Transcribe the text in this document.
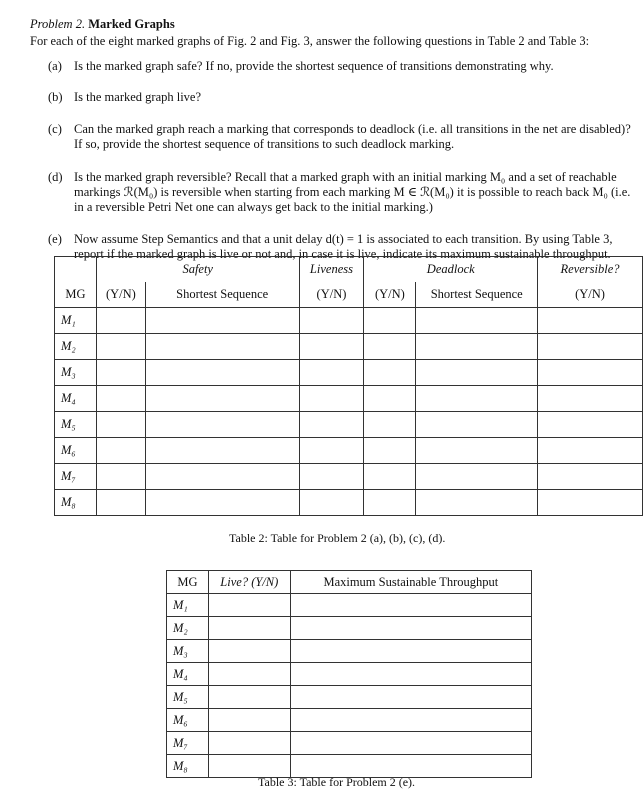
Problem 2. Marked Graphs
For each of the eight marked graphs of Fig. 2 and Fig. 3, answer the following questions in Table 2 and Table 3:
(a) Is the marked graph safe? If no, provide the shortest sequence of transitions demonstrating why.
(b) Is the marked graph live?
(c) Can the marked graph reach a marking that corresponds to deadlock (i.e. all transitions in the net are disabled)? If so, provide the shortest sequence of transitions to such deadlock marking.
(d) Is the marked graph reversible? Recall that a marked graph with an initial marking M₀ and a set of reachable markings ℛ(M₀) is reversible when starting from each marking M ∈ ℛ(M₀) it is possible to reach back M₀ (i.e. in a reversible Petri Net one can always get back to the initial marking.)
(e) Now assume Step Semantics and that a unit delay d(t) = 1 is associated to each transition. By using Table 3, report if the marked graph is live or not and, in case it is live, indicate its maximum sustainable throughput.
	Safety		Liveness	Deadlock		Reversible?
MG	(Y/N)	Shortest Sequence	(Y/N)	(Y/N)	Shortest Sequence	(Y/N)
M₁						
M₂						
M₃						
M₄						
M₅						
M₆						
M₇						
M₈						
Table 2: Table for Problem 2 (a), (b), (c), (d).
MG	Live? (Y/N)	Maximum Sustainable Throughput
M₁		
M₂		
M₃		
M₄		
M₅		
M₆		
M₇		
M₈		
Table 3: Table for Problem 2 (e).
